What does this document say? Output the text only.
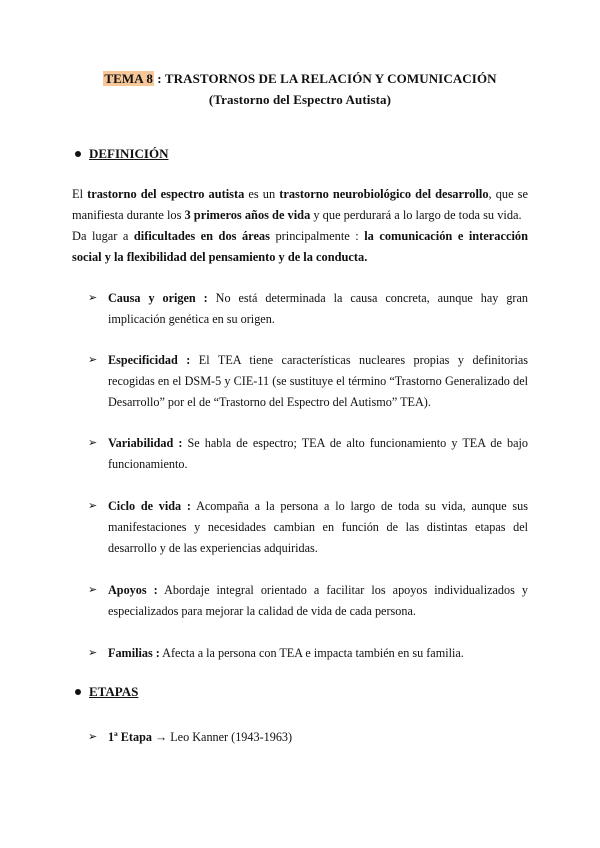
TEMA 8 : TRASTORNOS DE LA RELACIÓN Y COMUNICACIÓN
(Trastorno del Espectro Autista)
DEFINICIÓN
El trastorno del espectro autista es un trastorno neurobiológico del desarrollo, que se manifiesta durante los 3 primeros años de vida y que perdurará a lo largo de toda su vida.
Da lugar a dificultades en dos áreas principalmente : la comunicación e interacción social y la flexibilidad del pensamiento y de la conducta.
➢ Causa y origen : No está determinada la causa concreta, aunque hay gran implicación genética en su origen.
➢ Especificidad : El TEA tiene características nucleares propias y definitorias recogidas en el DSM-5 y CIE-11 (se sustituye el término “Trastorno Generalizado del Desarrollo” por el de “Trastorno del Espectro del Autismo” TEA).
➢ Variabilidad : Se habla de espectro; TEA de alto funcionamiento y TEA de bajo funcionamiento.
➢ Ciclo de vida : Acompaña a la persona a lo largo de toda su vida, aunque sus manifestaciones y necesidades cambian en función de las distintas etapas del desarrollo y de las experiencias adquiridas.
➢ Apoyos : Abordaje integral orientado a facilitar los apoyos individualizados y especializados para mejorar la calidad de vida de cada persona.
➢ Familias : Afecta a la persona con TEA e impacta también en su familia.
ETAPAS
➢ 1ª Etapa → Leo Kanner (1943-1963)
